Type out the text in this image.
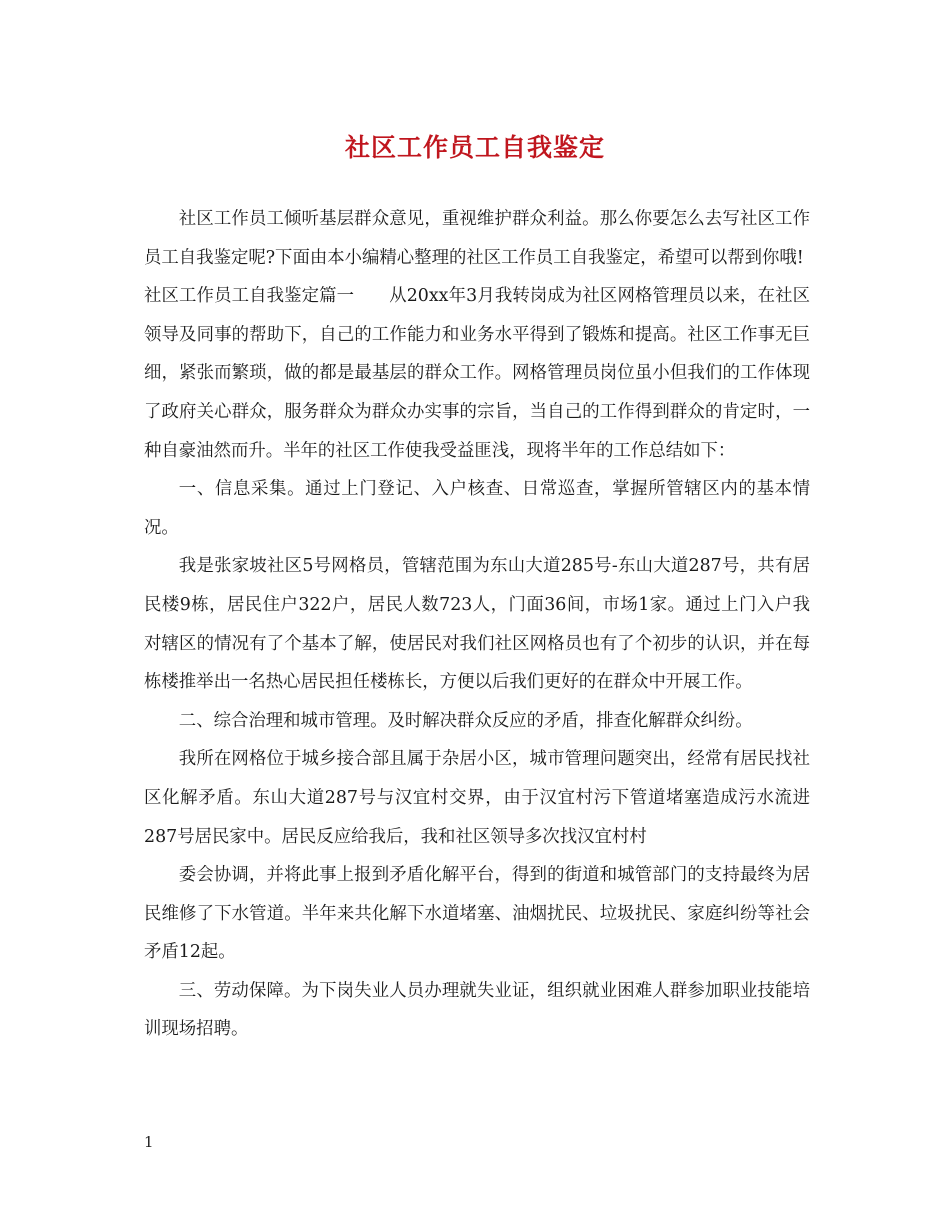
社区工作员工自我鉴定

社区工作员工倾听基层群众意见，重视维护群众利益。那么你要怎么去写社区工作员工自我鉴定呢?下面由本小编精心整理的社区工作员工自我鉴定，希望可以帮到你哦!

社区工作员工自我鉴定篇一　　从20xx年3月我转岗成为社区网格管理员以来，在社区领导及同事的帮助下，自己的工作能力和业务水平得到了锻炼和提高。社区工作事无巨细，紧张而繁琐，做的都是最基层的群众工作。网格管理员岗位虽小但我们的工作体现了政府关心群众，服务群众为群众办实事的宗旨，当自己的工作得到群众的肯定时，一种自豪油然而升。半年的社区工作使我受益匪浅，现将半年的工作总结如下：

一、信息采集。通过上门登记、入户核查、日常巡查，掌握所管辖区内的基本情况。

我是张家坡社区5号网格员，管辖范围为东山大道285号-东山大道287号，共有居民楼9栋，居民住户322户，居民人数723人，门面36间，市场1家。通过上门入户我对辖区的情况有了个基本了解，使居民对我们社区网格员也有了个初步的认识，并在每栋楼推举出一名热心居民担任楼栋长，方便以后我们更好的在群众中开展工作。

二、综合治理和城市管理。及时解决群众反应的矛盾，排查化解群众纠纷。

我所在网格位于城乡接合部且属于杂居小区，城市管理问题突出，经常有居民找社区化解矛盾。东山大道287号与汉宜村交界，由于汉宜村污下管道堵塞造成污水流进287号居民家中。居民反应给我后，我和社区领导多次找汉宜村村

委会协调，并将此事上报到矛盾化解平台，得到的街道和城管部门的支持最终为居民维修了下水管道。半年来共化解下水道堵塞、油烟扰民、垃圾扰民、家庭纠纷等社会矛盾12起。

三、劳动保障。为下岗失业人员办理就失业证，组织就业困难人群参加职业技能培训现场招聘。

1
